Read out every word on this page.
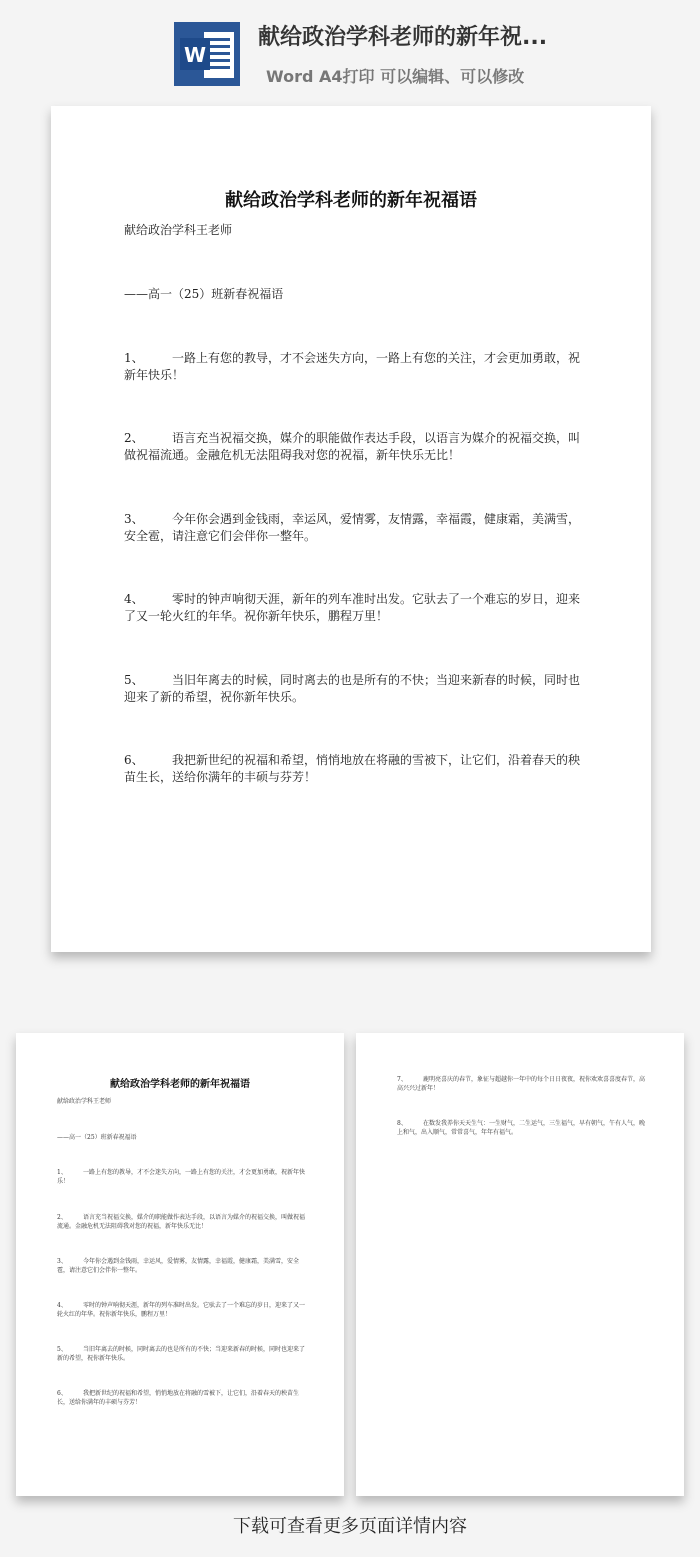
W
献给政治学科老师的新年祝...
Word A4打印 可以编辑、可以修改
献给政治学科老师的新年祝福语
献给政治学科王老师
——高一（25）班新春祝福语
1、 一路上有您的教导，才不会迷失方向，一路上有您的关注，才会更加勇敢，祝新年快乐！
2、 语言充当祝福交换，媒介的职能做作表达手段，以语言为媒介的祝福交换，叫做祝福流通。金融危机无法阻碍我对您的祝福，新年快乐无比！
3、 今年你会遇到金钱雨，幸运风，爱情雾，友情露，幸福霞，健康霜，美满雪，安全雹，请注意它们会伴你一整年。
4、 零时的钟声响彻天涯，新年的列车准时出发。它驮去了一个难忘的岁日，迎来了又一轮火红的年华。祝你新年快乐，鹏程万里！
5、 当旧年离去的时候，同时离去的也是所有的不快；当迎来新春的时候，同时也迎来了新的希望，祝你新年快乐。
6、 我把新世纪的祝福和希望，悄悄地放在将融的雪被下，让它们，沿着春天的秧苗生长，送给你满年的丰硕与芬芳！
献给政治学科老师的新年祝福语
献给政治学科王老师
——高一（25）班新春祝福语
1、	一路上有您的教导，才不会迷失方向，一路上有您的关注，才会更加勇敢，祝新年快乐！
2、	语言充当祝福交换，媒介的职能做作表达手段，以语言为媒介的祝福交换，叫做祝福流通。金融危机无法阻碍我对您的祝福，新年快乐无比！
3、	今年你会遇到金钱雨，幸运风，爱情雾，友情露，幸福霞，健康霜，美满雪，安全雹，请注意它们会伴你一整年。
4、	零时的钟声响彻天涯，新年的列车准时出发。它驮去了一个难忘的岁日，迎来了又一轮火红的年华。祝你新年快乐，鹏程万里！
5、	当旧年离去的时候，同时离去的也是所有的不快；当迎来新春的时候，同时也迎来了新的希望，祝你新年快乐。
6、	我把新世纪的祝福和希望，悄悄地放在将融的雪被下，让它们，沿着春天的秧苗生长，送给你满年的丰硕与芬芳！
7、	鹿明亮喜庆的春节，象征与超越你一年中的每个日日夜夜，祝你欢欢喜喜度春节，高高兴兴过新年！
8、	在数发我养你天天生气：一生财气，二生运气，三生福气，早有朝气，午有人气，晚上和气，出入顺气，常常喜气，年年有福气。
下载可查看更多页面详情内容
